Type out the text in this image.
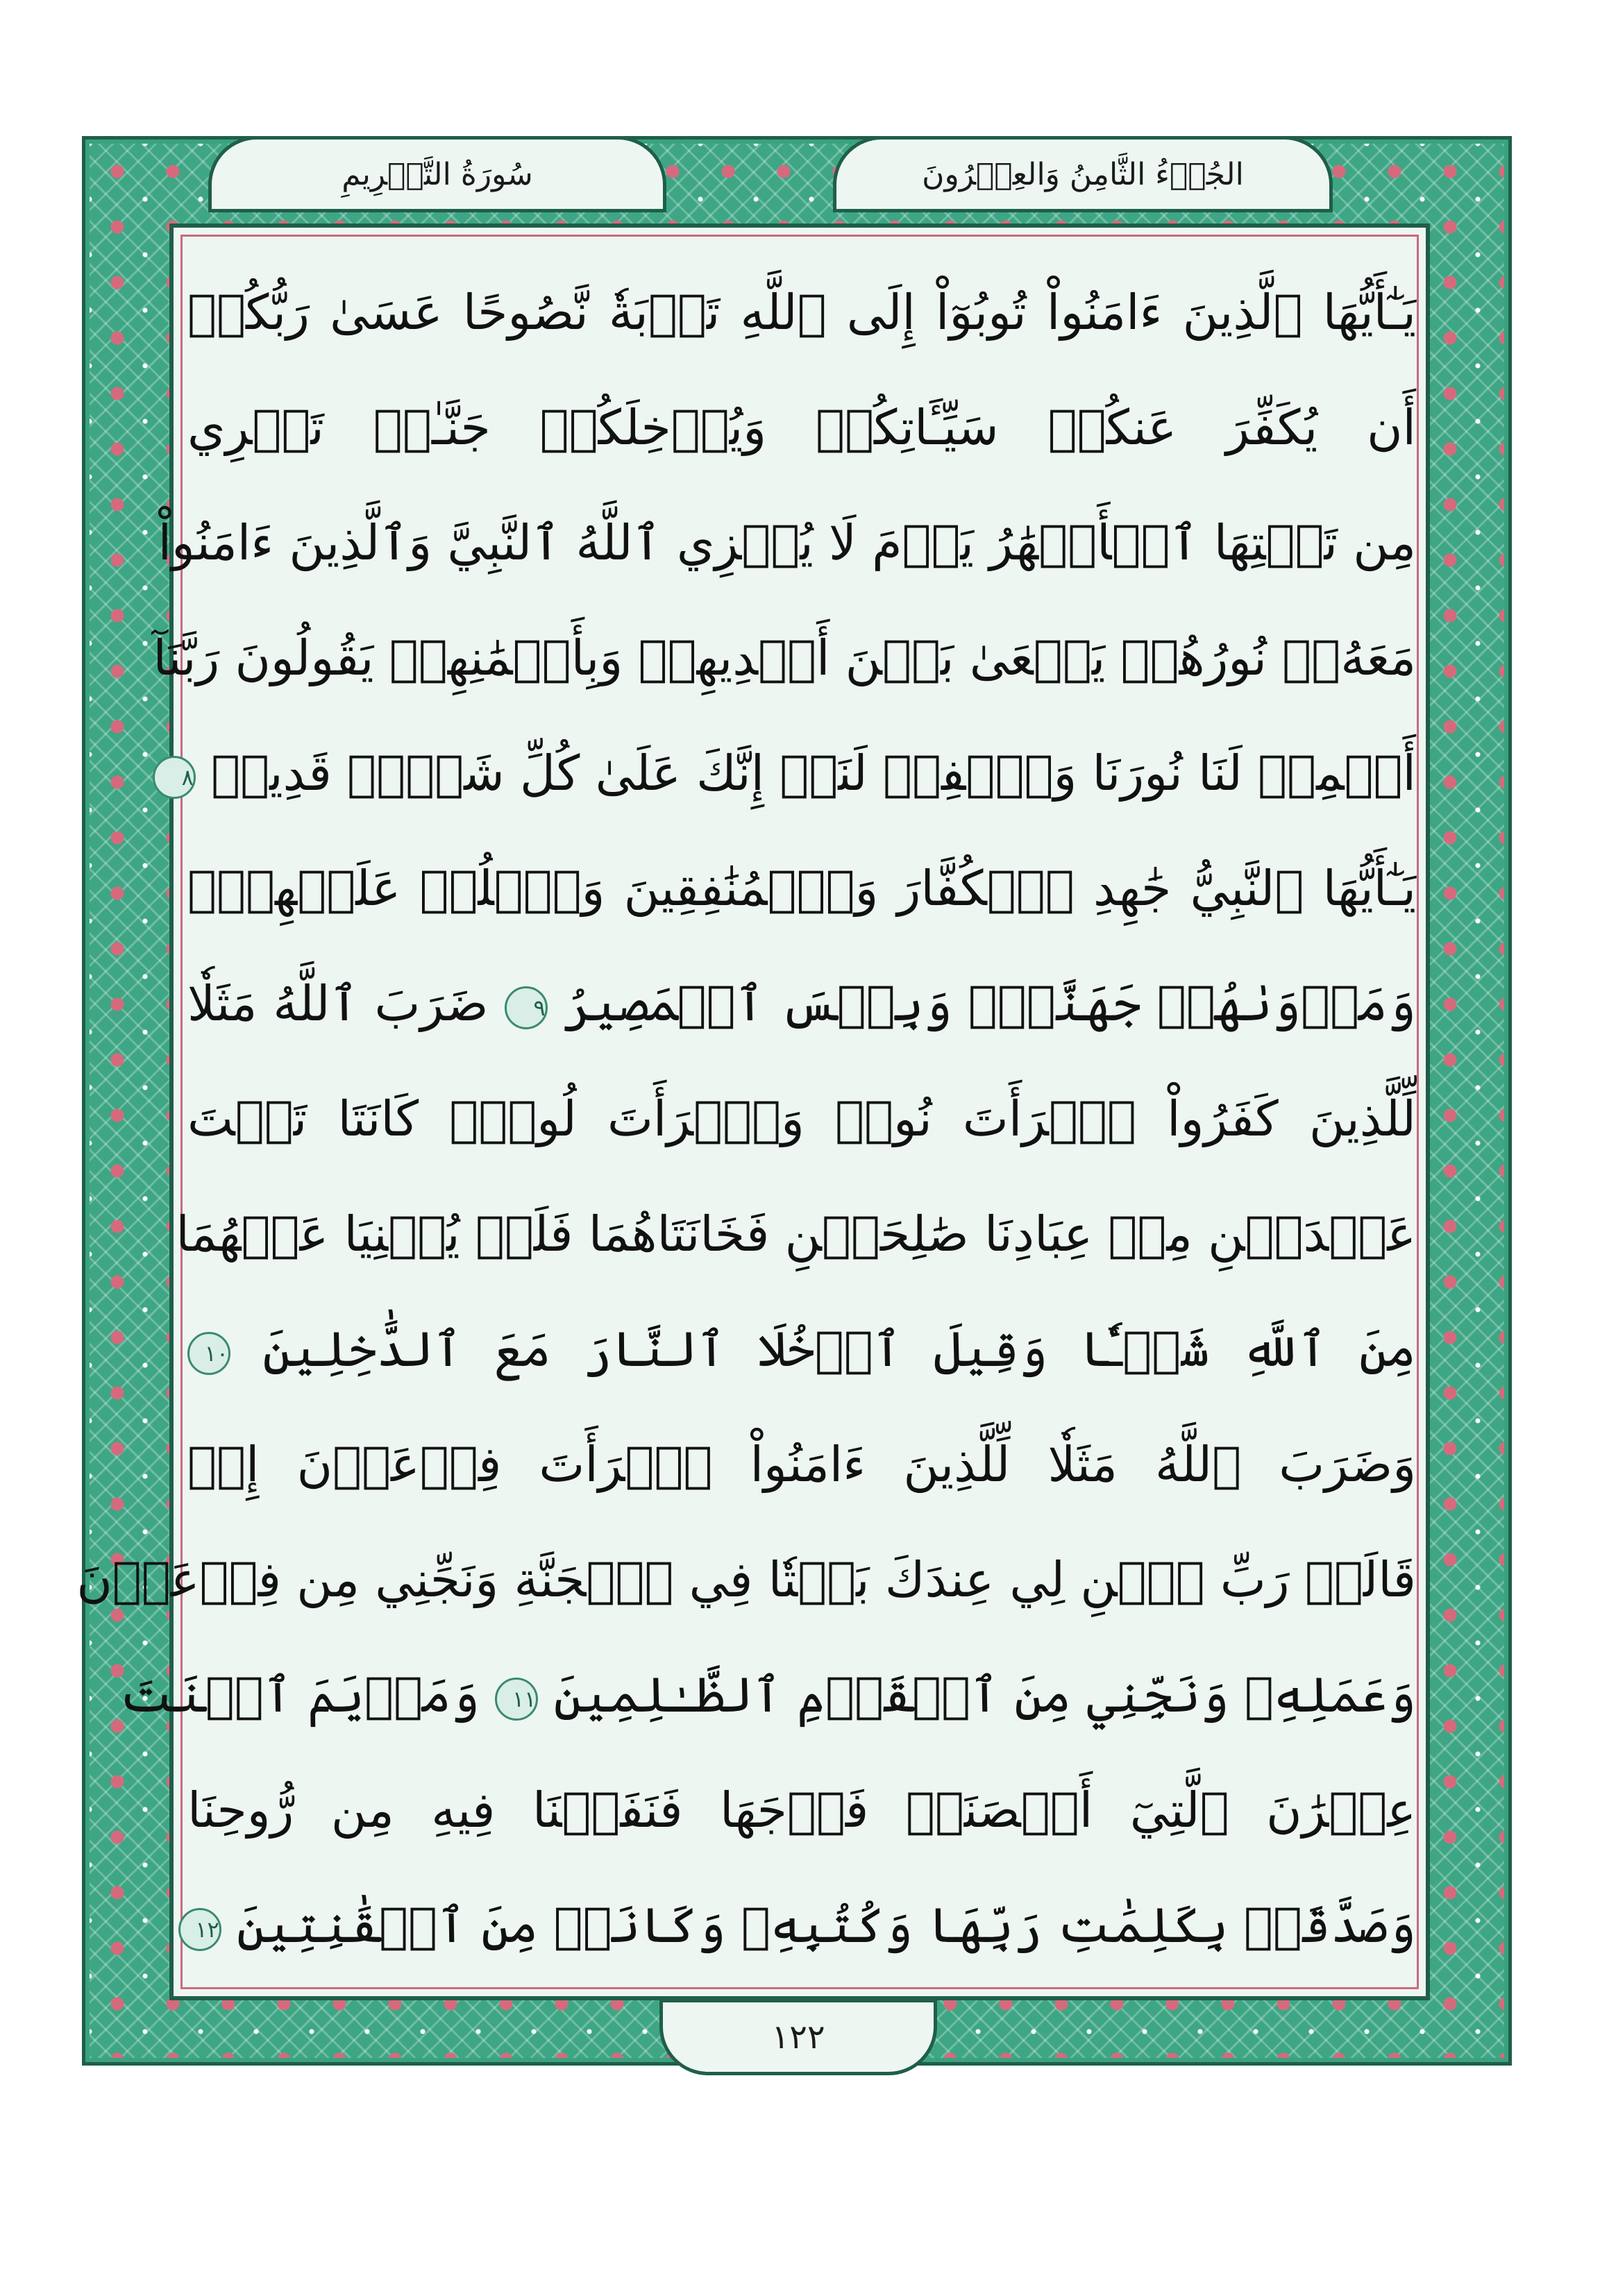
سُورَةُ التَّحۡرِيمِ	الجُزۡءُ الثَّامِنُ وَالعِشۡرُونَ
يَـٰٓأَيُّهَا ٱلَّذِينَ ءَامَنُواْ تُوبُوٓاْ إِلَى ٱللَّهِ تَوۡبَةٗ نَّصُوحًا عَسَىٰ رَبُّكُمۡ
أَن يُكَفِّرَ عَنكُمۡ سَيِّـَٔاتِكُمۡ وَيُدۡخِلَكُمۡ جَنَّـٰتٖ تَجۡرِي
مِن تَحۡتِهَا ٱلۡأَنۡهَٰرُ يَوۡمَ لَا يُخۡزِي ٱللَّهُ ٱلنَّبِيَّ وَٱلَّذِينَ ءَامَنُواْ
مَعَهُۥۖ نُورُهُمۡ يَسۡعَىٰ بَيۡنَ أَيۡدِيهِمۡ وَبِأَيۡمَٰنِهِمۡ يَقُولُونَ رَبَّنَآ
أَتۡمِمۡ لَنَا نُورَنَا وَٱغۡفِرۡ لَنَآۖ إِنَّكَ عَلَىٰ كُلِّ شَيۡءٖ قَدِيرٞ ٨
يَـٰٓأَيُّهَا ٱلنَّبِيُّ جَٰهِدِ ٱلۡكُفَّارَ وَٱلۡمُنَٰفِقِينَ وَٱغۡلُظۡ عَلَيۡهِمۡۚ
وَمَأۡوَىٰهُمۡ جَهَنَّمُۖ وَبِئۡسَ ٱلۡمَصِيرُ ٩ ضَرَبَ ٱللَّهُ مَثَلٗا
لِّلَّذِينَ كَفَرُواْ ٱمۡرَأَتَ نُوحٖ وَٱمۡرَأَتَ لُوطٖۖ كَانَتَا تَحۡتَ
عَبۡدَيۡنِ مِنۡ عِبَادِنَا صَٰلِحَيۡنِ فَخَانَتَاهُمَا فَلَمۡ يُغۡنِيَا عَنۡهُمَا
مِنَ ٱللَّهِ شَيۡـٔٗا وَقِيلَ ٱدۡخُلَا ٱلنَّارَ مَعَ ٱلدَّٰخِلِينَ ١٠
وَضَرَبَ ٱللَّهُ مَثَلٗا لِّلَّذِينَ ءَامَنُواْ ٱمۡرَأَتَ فِرۡعَوۡنَ إِذۡ
قَالَتۡ رَبِّ ٱبۡنِ لِي عِندَكَ بَيۡتٗا فِي ٱلۡجَنَّةِ وَنَجِّنِي مِن فِرۡعَوۡنَ
وَعَمَلِهِۦ وَنَجِّنِي مِنَ ٱلۡقَوۡمِ ٱلظَّـٰلِمِينَ ١١ وَمَرۡيَمَ ٱبۡنَتَ
عِمۡرَٰنَ ٱلَّتِيٓ أَحۡصَنَتۡ فَرۡجَهَا فَنَفَخۡنَا فِيهِ مِن رُّوحِنَا
وَصَدَّقَتۡ بِكَلِمَٰتِ رَبِّهَا وَكُتُبِهِۦ وَكَانَتۡ مِنَ ٱلۡقَٰنِتِينَ ١٢
١٢٢
